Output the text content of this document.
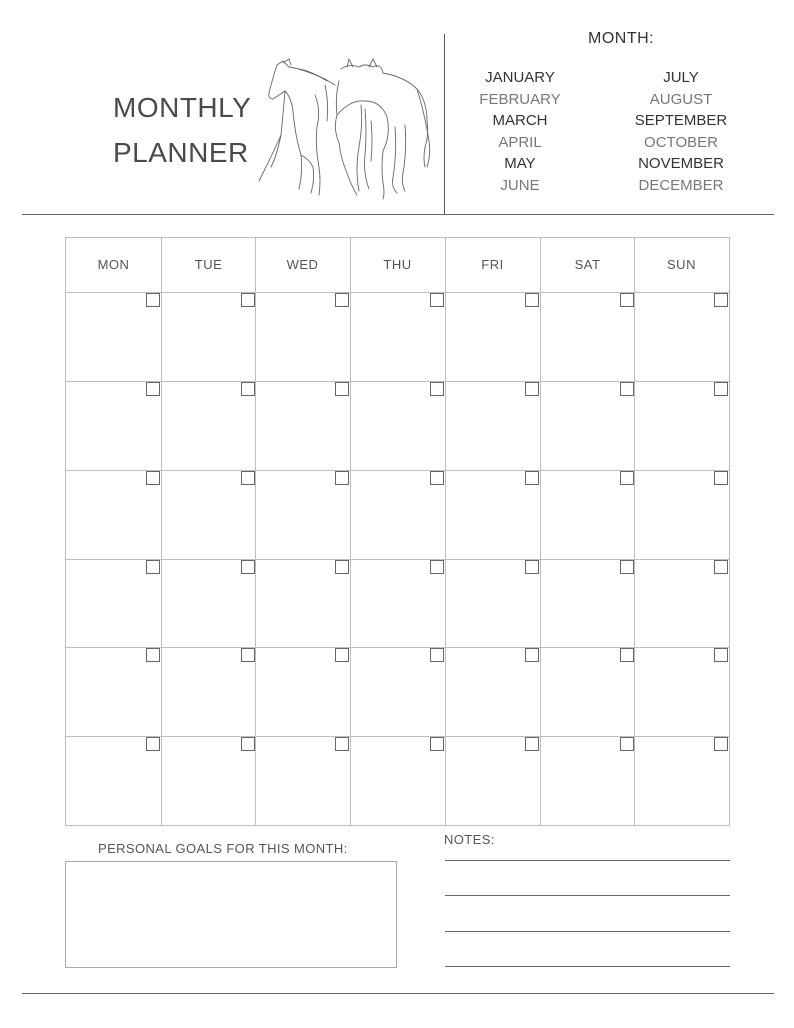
MONTHLY
PLANNER
MONTH:
JANUARY
FEBRUARY
MARCH
APRIL
MAY
JUNE
JULY
AUGUST
SEPTEMBER
OCTOBER
NOVEMBER
DECEMBER
MON	TUE	WED	THU	FRI	SAT	SUN
PERSONAL GOALS FOR THIS MONTH:
NOTES:
